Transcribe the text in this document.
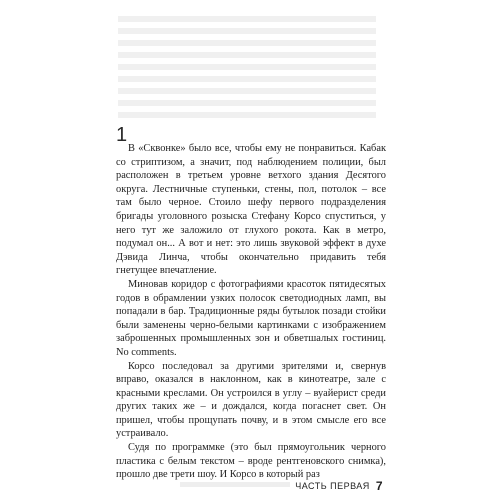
1

В «Сквонке» было все, чтобы ему не понравиться. Кабак со стриптизом, а значит, под наблюдением полиции, был расположен в третьем уровне ветхого здания Десятого округа. Лестничные ступеньки, стены, пол, потолок – все там было черное. Стоило шефу первого подразделения бригады уголовного розыска Стефану Корсо спуститься, у него тут же заложило от глухого рокота. Как в метро, подумал он... А вот и нет: это лишь звуковой эффект в духе Дэвида Линча, чтобы окончательно придавить тебя гнетущее впечатление.

Миновав коридор с фотографиями красоток пятидесятых годов в обрамлении узких полосок светодиодных ламп, вы попадали в бар. Традиционные ряды бутылок позади стойки были заменены черно-белыми картинками с изображением заброшенных промышленных зон и обветшалых гостиниц. No comments.

Корсо последовал за другими зрителями и, свернув вправо, оказался в наклонном, как в кинотеатре, зале с красными креслами. Он устроился в углу – вуайерист среди других таких же – и дождался, когда погаснет свет. Он пришел, чтобы прощупать почву, и в этом смысле его все устраивало.

Судя по программке (это был прямоугольник черного пластика с белым текстом – вроде рентгеновского снимка), прошло две трети шоу. И Корсо в который раз

ЧАСТЬ ПЕРВАЯ 7
